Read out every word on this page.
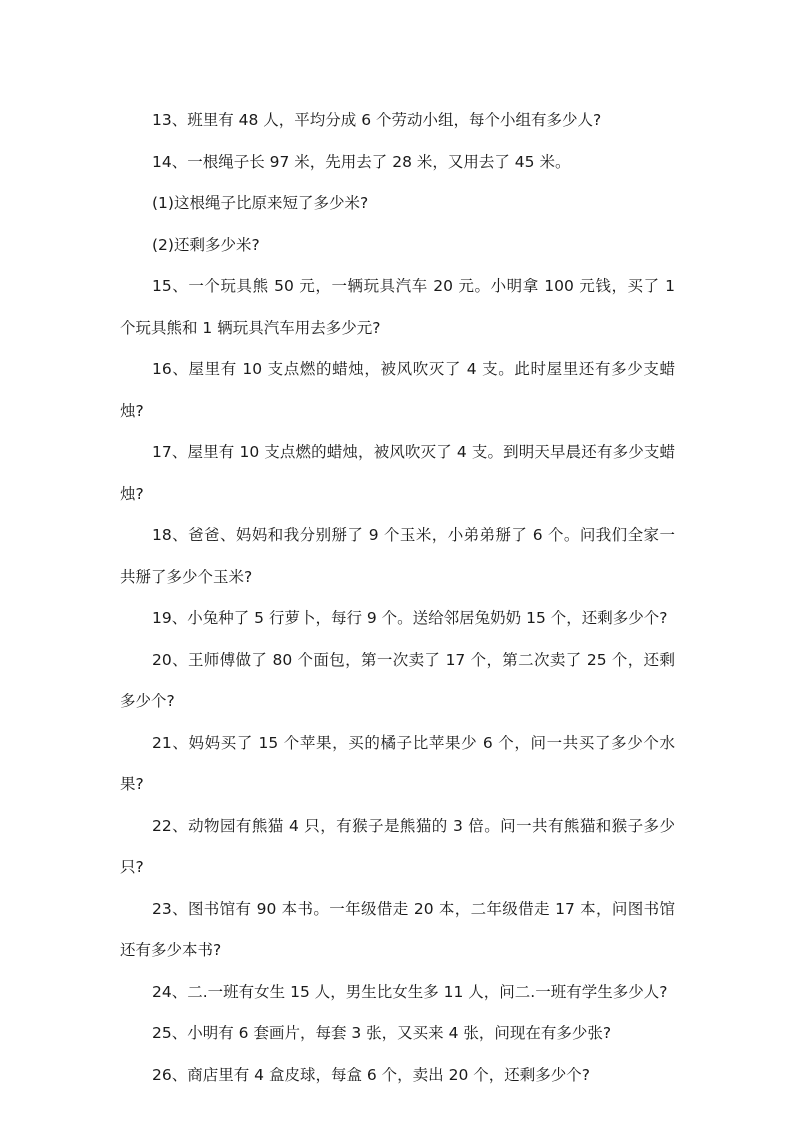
13、班里有 48 人，平均分成 6 个劳动小组，每个小组有多少人?

14、一根绳子长 97 米，先用去了 28 米，又用去了 45 米。

(1)这根绳子比原来短了多少米?

(2)还剩多少米?

15、一个玩具熊 50 元，一辆玩具汽车 20 元。小明拿 100 元钱，买了 1 个玩具熊和 1 辆玩具汽车用去多少元?

16、屋里有 10 支点燃的蜡烛，被风吹灭了 4 支。此时屋里还有多少支蜡烛?

17、屋里有 10 支点燃的蜡烛，被风吹灭了 4 支。到明天早晨还有多少支蜡烛?

18、爸爸、妈妈和我分别掰了 9 个玉米，小弟弟掰了 6 个。问我们全家一共掰了多少个玉米?

19、小兔种了 5 行萝卜，每行 9 个。送给邻居兔奶奶 15 个，还剩多少个?

20、王师傅做了 80 个面包，第一次卖了 17 个，第二次卖了 25 个，还剩多少个?

21、妈妈买了 15 个苹果，买的橘子比苹果少 6 个，问一共买了多少个水果?

22、动物园有熊猫 4 只，有猴子是熊猫的 3 倍。问一共有熊猫和猴子多少只?

23、图书馆有 90 本书。一年级借走 20 本，二年级借走 17 本，问图书馆还有多少本书?

24、二.一班有女生 15 人，男生比女生多 11 人，问二.一班有学生多少人?

25、小明有 6 套画片，每套 3 张，又买来 4 张，问现在有多少张?

26、商店里有 4 盒皮球，每盒 6 个，卖出 20 个，还剩多少个?
